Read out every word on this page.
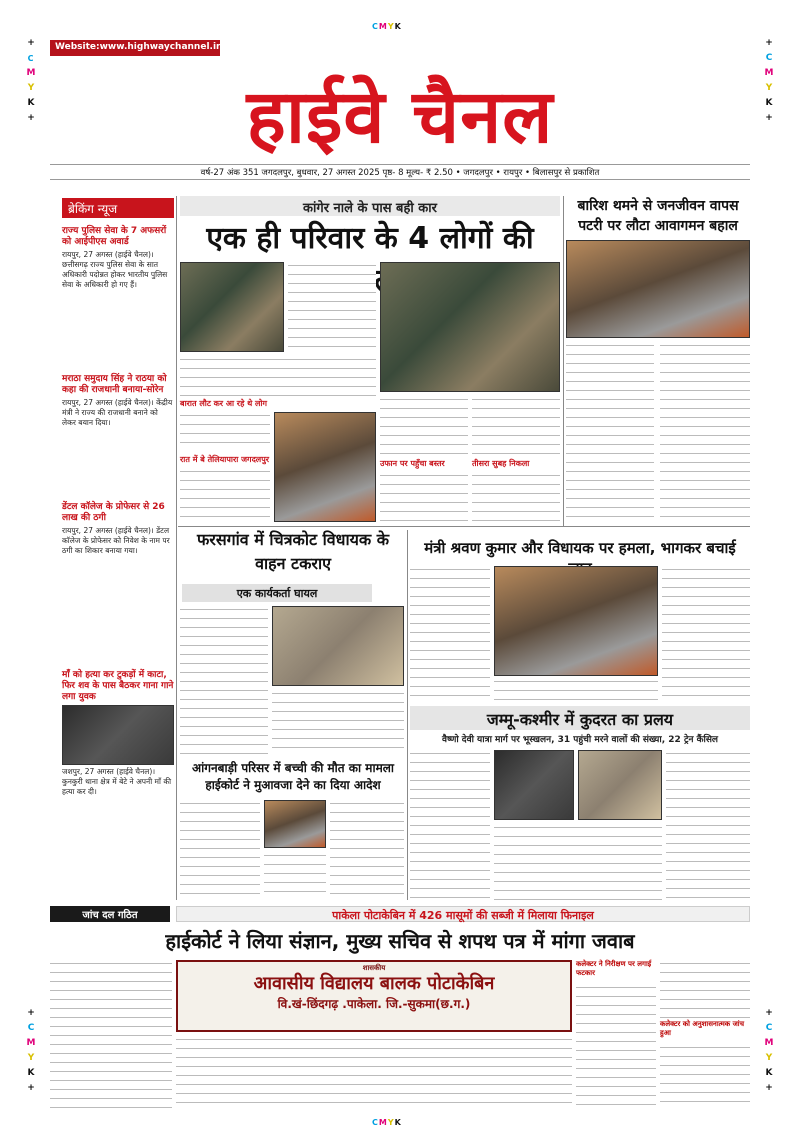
CMYK
CMYK
+
C
M
Y
K
+
+
C
M
Y
K
+
+
C
M
Y
K
+
+
C
M
Y
K
+
Website:www.highwaychannel.in
हाईवे चैनल
वर्ष-27 अंक 351 जगदलपुर, बुधवार, 27 अगस्त 2025 पृष्ठ- 8 मूल्य- ₹ 2.50 • जगदलपुर • रायपुर • बिलासपुर से प्रकाशित
ब्रेकिंग न्यूज
राज्य पुलिस सेवा के 7 अफसरों को आईपीएस अवार्ड
रायपुर, 27 अगस्त (हाईवे चैनल)। छत्तीसगढ़ राज्य पुलिस सेवा के सात अधिकारी पदोन्नत होकर भारतीय पुलिस सेवा के अधिकारी हो गए हैं।
मराठा समुदाय सिंह ने राठया को कहा की राजधानी बनाया-सोरेन
रायपुर, 27 अगस्त (हाईवे चैनल)। केंद्रीय मंत्री ने राज्य की राजधानी बनाने को लेकर बयान दिया।
डेंटल कॉलेज के प्रोफेसर से 26 लाख की ठगी
रायपुर, 27 अगस्त (हाईवे चैनल)। डेंटल कॉलेज के प्रोफेसर को निवेश के नाम पर ठगी का शिकार बनाया गया।
माँ को हत्या कर टुकड़ों में काटा, फिर शव के पास बैठकर गाना गाने लगा युवक
जशपुर, 27 अगस्त (हाईवे चैनल)। कुनकुरी थाना क्षेत्र में बेटे ने अपनी माँ की हत्या कर दी।
कांगेर नाले के पास बही कार
एक ही परिवार के 4 लोगों की
बारात लौट कर आ रहे थे लोग
रात में बे तेलियापारा जगदलपुर	उफान पर पहुँचा बस्तर	तीसरा सुबह निकला
बारिश थमने से जनजीवन वापस पटरी पर लौटा आवागमन बहाल
फरसगांव में चित्रकोट विधायक के वाहन टकराए
एक कार्यकर्ता घायल
मंत्री श्रवण कुमार और विधायक पर हमला, भागकर बचाई
जम्मू-कश्मीर में कुदरत का प्रलय
वैष्णो देवी यात्रा मार्ग पर भूस्खलन, 31 पहुंची मरने वालों की संख्या, 22 ट्रेन कैंसिल
आंगनबाड़ी परिसर में बच्ची की मौत का मामला हाईकोर्ट ने मुआवजा देने का दिया आदेश
जांच दल गठित	पाकेला पोटाकेबिन में 426 मासूमों की सब्जी में मिलाया फिनाइल
हाईकोर्ट ने लिया संज्ञान, मुख्य सचिव से शपथ पत्र में मांगा जवाब
शासकीय
आवासीय विद्यालय बालक पोटाकेबिन
वि.खं-छिंदगढ़ .पाकेला. जि.-सुकमा(छ.ग.)
कलेक्टर ने निरीक्षण पर लगाई फटकार
कलेक्टर को अनुशासनात्मक जांच हुआ
